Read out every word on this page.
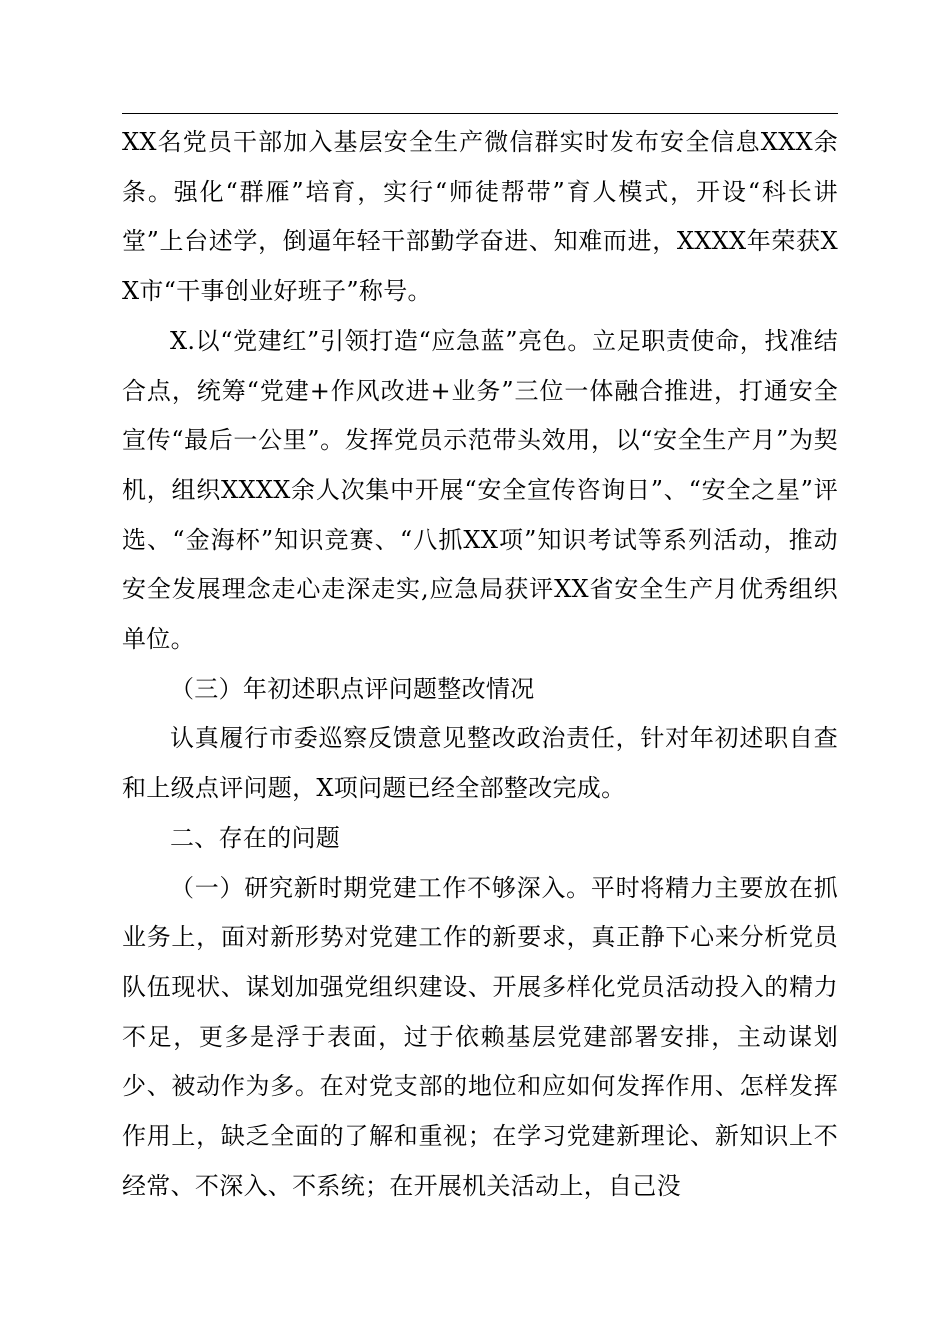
XX名党员干部加入基层安全生产微信群实时发布安全信息XXX余条。强化“群雁”培育，实行“师徒帮带”育人模式，开设“科长讲堂”上台述学，倒逼年轻干部勤学奋进、知难而进，XXXX年荣获XX市“干事创业好班子”称号。

X.以“党建红”引领打造“应急蓝”亮色。立足职责使命，找准结合点，统筹“党建+作风改进+业务”三位一体融合推进，打通安全宣传“最后一公里”。发挥党员示范带头效用，以“安全生产月”为契机，组织XXXX余人次集中开展“安全宣传咨询日”、“安全之星”评选、“金海杯”知识竞赛、“八抓XX项”知识考试等系列活动，推动安全发展理念走心走深走实,应急局获评XX省安全生产月优秀组织单位。

（三）年初述职点评问题整改情况

认真履行市委巡察反馈意见整改政治责任，针对年初述职自查和上级点评问题，X项问题已经全部整改完成。

二、存在的问题

（一）研究新时期党建工作不够深入。平时将精力主要放在抓业务上，面对新形势对党建工作的新要求，真正静下心来分析党员队伍现状、谋划加强党组织建设、开展多样化党员活动投入的精力不足，更多是浮于表面，过于依赖基层党建部署安排，主动谋划少、被动作为多。在对党支部的地位和应如何发挥作用、怎样发挥作用上，缺乏全面的了解和重视；在学习党建新理论、新知识上不经常、不深入、不系统；在开展机关活动上，自己没
